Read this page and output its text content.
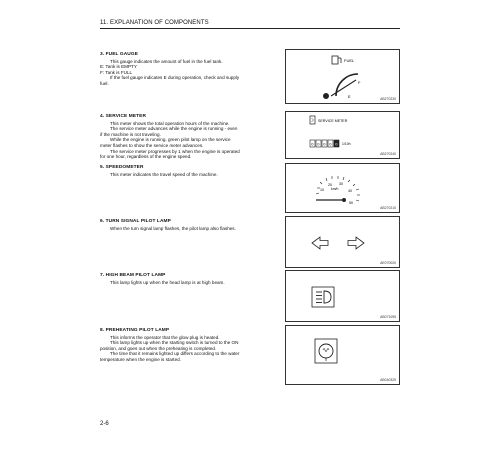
11. EXPLANATION OF COMPONENTS
3. FUEL GAUGE

This gauge indicates the amount of fuel in the fuel tank.

E: Tank is EMPTY

F: Tank is FULL

If the fuel gauge indicates E during operation, check and supply

fuel.

FUEL
F
E	AB270230
4. SERVICE METER

This meter shows the total operation hours of the machine.

The service meter advances while the engine is running - even

if the machine is not traveling.

While the engine is running, green pilot lamp on the service

meter flashes to show the service meter advances.

The service meter progresses by 1 when the engine is operated

for one hour, regardless of the engine speed.

SERVICE METER
0 0 0 0 0 1/10h
AB270240
5. SPEEDOMETER

This meter indicates the travel speed of the machine.

10
20 30
40
50
km/h
AB270210
6. TURN SIGNAL PILOT LAMP

When the turn signal lamp flashes, the pilot lamp also flashes.

AE070020
7. HIGH BEAM PILOT LAMP

This lamp lights up when the head lamp is at high beam.

AB071095
8. PREHEATING PILOT LAMP

This informs the operator that the glow plug is heated.

This lamp lights up when the starting switch is turned to the ON

position, and goes out when the preheating is completed.

The time that it remains lighted up differs according to the water

temperature when the engine is started.

AB040325
2-6
